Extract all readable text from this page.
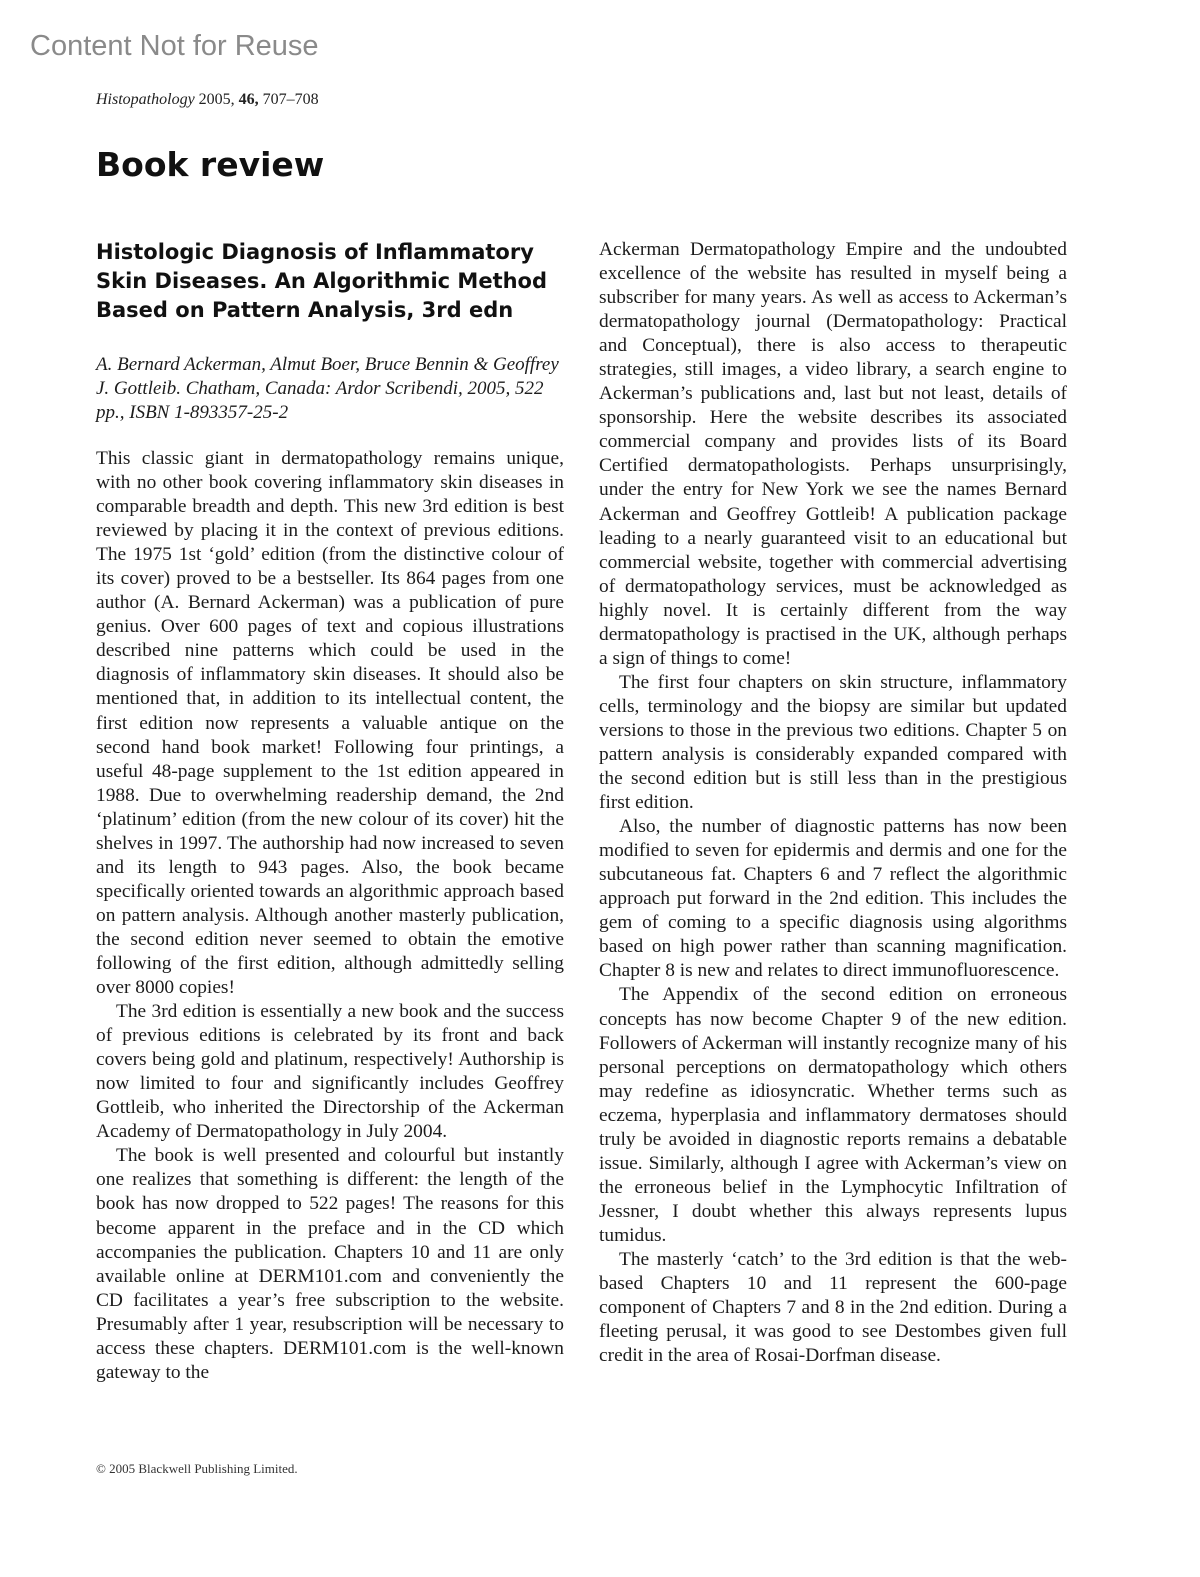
Content Not for Reuse
Histopathology 2005, 46, 707–708
Book review
Histologic Diagnosis of Inflammatory Skin Diseases. An Algorithmic Method Based on Pattern Analysis, 3rd edn

A. Bernard Ackerman, Almut Boer, Bruce Bennin & Geoffrey J. Gottleib. Chatham, Canada: Ardor Scribendi, 2005, 522 pp., ISBN 1-893357-25-2

This classic giant in dermatopathology remains unique, with no other book covering inflammatory skin diseases in comparable breadth and depth. This new 3rd edition is best reviewed by placing it in the context of previous editions. The 1975 1st ‘gold’ edition (from the distinctive colour of its cover) proved to be a bestseller. Its 864 pages from one author (A. Bernard Ackerman) was a publication of pure genius. Over 600 pages of text and copious illustrations described nine patterns which could be used in the diagnosis of inflammatory skin diseases. It should also be mentioned that, in addition to its intellectual content, the first edition now represents a valuable antique on the second hand book market! Following four printings, a useful 48-page supplement to the 1st edition appeared in 1988. Due to overwhelming readership demand, the 2nd ‘platinum’ edition (from the new colour of its cover) hit the shelves in 1997. The authorship had now increased to seven and its length to 943 pages. Also, the book became specifically oriented towards an algorithmic approach based on pattern analysis. Although another masterly publication, the second edition never seemed to obtain the emotive following of the first edition, although admittedly selling over 8000 copies!

The 3rd edition is essentially a new book and the success of previous editions is celebrated by its front and back covers being gold and platinum, respectively! Authorship is now limited to four and significantly includes Geoffrey Gottleib, who inherited the Directorship of the Ackerman Academy of Dermatopathology in July 2004.

The book is well presented and colourful but instantly one realizes that something is different: the length of the book has now dropped to 522 pages! The reasons for this become apparent in the preface and in the CD which accompanies the publication. Chapters 10 and 11 are only available online at DERM101.com and conveniently the CD facilitates a year’s free subscription to the website. Presumably after 1 year, resubscription will be necessary to access these chapters. DERM101.com is the well-known gateway to the

Ackerman Dermatopathology Empire and the undoubted excellence of the website has resulted in myself being a subscriber for many years. As well as access to Ackerman’s dermatopathology journal (Dermatopathology: Practical and Conceptual), there is also access to therapeutic strategies, still images, a video library, a search engine to Ackerman’s publications and, last but not least, details of sponsorship. Here the website describes its associated commercial company and provides lists of its Board Certified dermatopathologists. Perhaps unsurprisingly, under the entry for New York we see the names Bernard Ackerman and Geoffrey Gottleib! A publication package leading to a nearly guaranteed visit to an educational but commercial website, together with commercial advertising of dermatopathology services, must be acknowledged as highly novel. It is certainly different from the way dermatopathology is practised in the UK, although perhaps a sign of things to come!

The first four chapters on skin structure, inflammatory cells, terminology and the biopsy are similar but updated versions to those in the previous two editions. Chapter 5 on pattern analysis is considerably expanded compared with the second edition but is still less than in the prestigious first edition.

Also, the number of diagnostic patterns has now been modified to seven for epidermis and dermis and one for the subcutaneous fat. Chapters 6 and 7 reflect the algorithmic approach put forward in the 2nd edition. This includes the gem of coming to a specific diagnosis using algorithms based on high power rather than scanning magnification. Chapter 8 is new and relates to direct immunofluorescence.

The Appendix of the second edition on erroneous concepts has now become Chapter 9 of the new edition. Followers of Ackerman will instantly recognize many of his personal perceptions on dermatopathology which others may redefine as idiosyncratic. Whether terms such as eczema, hyperplasia and inflammatory dermatoses should truly be avoided in diagnostic reports remains a debatable issue. Similarly, although I agree with Ackerman’s view on the erroneous belief in the Lymphocytic Infiltration of Jessner, I doubt whether this always represents lupus tumidus.

The masterly ‘catch’ to the 3rd edition is that the web-based Chapters 10 and 11 represent the 600-page component of Chapters 7 and 8 in the 2nd edition. During a fleeting perusal, it was good to see Destombes given full credit in the area of Rosai-Dorfman disease.

© 2005 Blackwell Publishing Limited.
